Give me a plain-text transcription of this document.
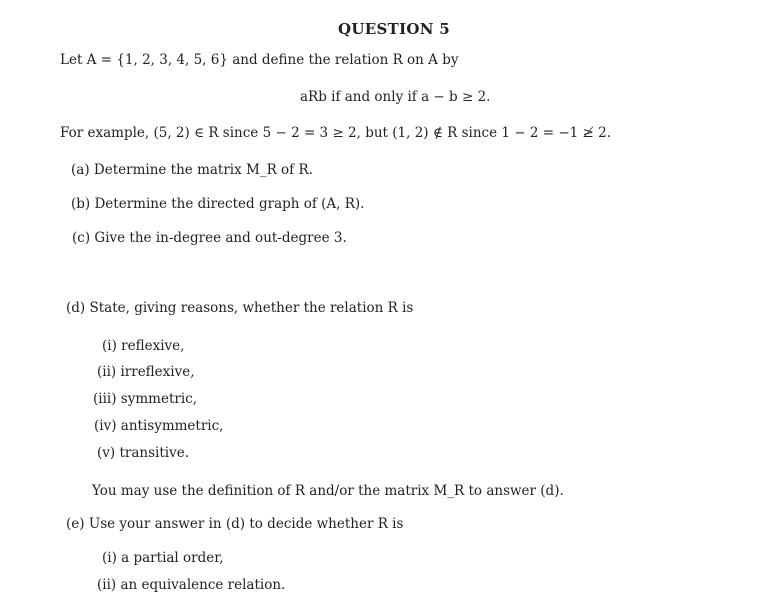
QUESTION 5
Let A = {1, 2, 3, 4, 5, 6} and define the relation R on A by
aRb if and only if a − b ≥ 2.
For example, (5, 2) ∈ R since 5 − 2 = 3 ≥ 2, but (1, 2) ∉ R since 1 − 2 = −1 ≱ 2.
(a) Determine the matrix M_R of R.
(b) Determine the directed graph of (A, R).
(c) Give the in-degree and out-degree 3.
(d) State, giving reasons, whether the relation R is
(i) reflexive,
(ii) irreflexive,
(iii) symmetric,
(iv) antisymmetric,
(v) transitive.
You may use the definition of R and/or the matrix M_R to answer (d).
(e) Use your answer in (d) to decide whether R is
(i) a partial order,
(ii) an equivalence relation.
